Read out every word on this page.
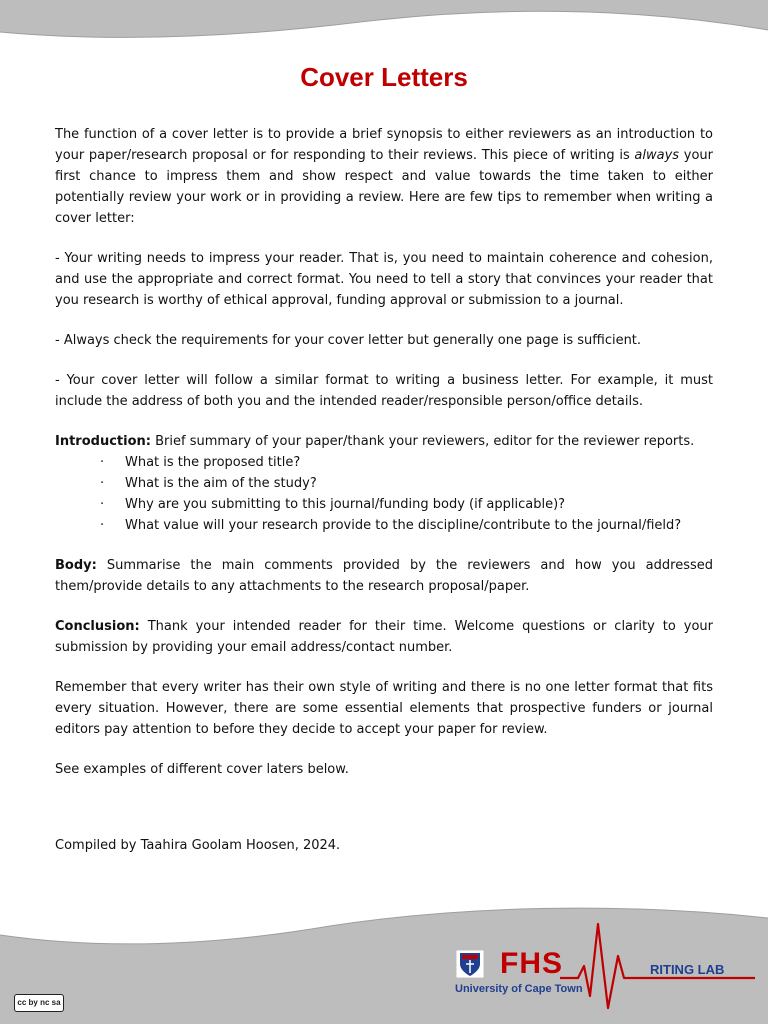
Cover Letters

The function of a cover letter is to provide a brief synopsis to either reviewers as an introduction to your paper/research proposal or for responding to their reviews. This piece of writing is always your first chance to impress them and show respect and value towards the time taken to either potentially review your work or in providing a review. Here are few tips to remember when writing a cover letter:

- Your writing needs to impress your reader. That is, you need to maintain coherence and cohesion, and use the appropriate and correct format. You need to tell a story that convinces your reader that you research is worthy of ethical approval, funding approval or submission to a journal.

- Always check the requirements for your cover letter but generally one page is sufficient.

- Your cover letter will follow a similar format to writing a business letter. For example, it must include the address of both you and the intended reader/responsible person/office details.

Introduction: Brief summary of your paper/thank your reviewers, editor for the reviewer reports.

· What is the proposed title?
· What is the aim of the study?
· Why are you submitting to this journal/funding body (if applicable)?
· What value will your research provide to the discipline/contribute to the journal/field?

Body: Summarise the main comments provided by the reviewers and how you addressed them/provide details to any attachments to the research proposal/paper.

Conclusion: Thank your intended reader for their time. Welcome questions or clarity to your submission by providing your email address/contact number.

Remember that every writer has their own style of writing and there is no one letter format that fits every situation. However, there are some essential elements that prospective funders or journal editors pay attention to before they decide to accept your paper for review.

See examples of different cover laters below.

Compiled by Taahira Goolam Hoosen, 2024.
FHS
University of Cape Town
RITING LAB
cc by nc sa
